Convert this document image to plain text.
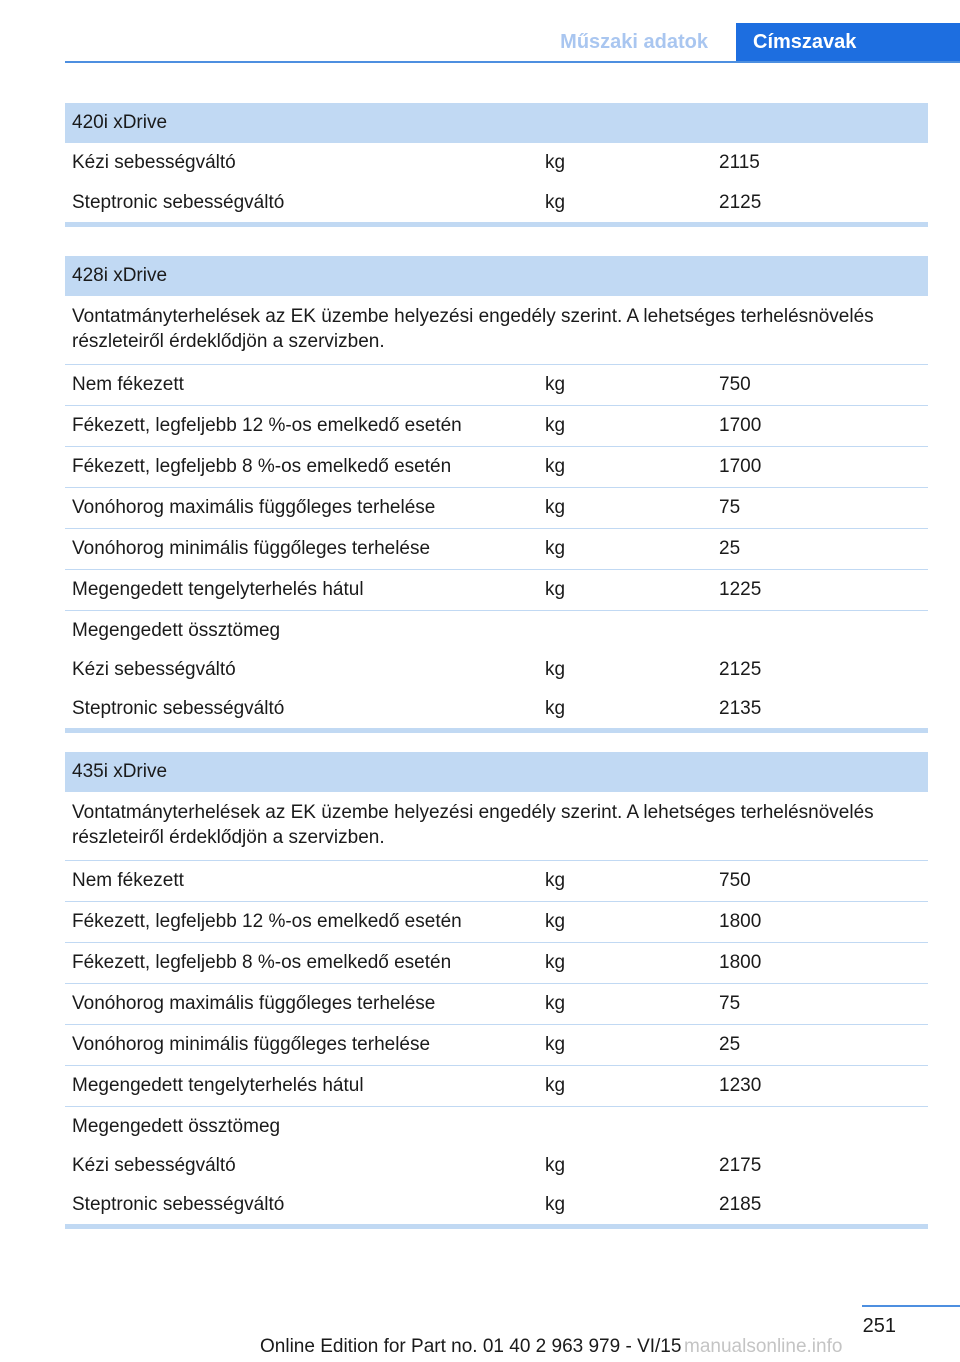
Műszaki adatok	Címszavak
420i xDrive
Kézi sebességváltó	kg	2115
Steptronic sebességváltó	kg	2125
428i xDrive
Vontatmányterhelések az EK üzembe helyezési engedély szerint. A lehetséges terhelésnövelés részleteiről érdeklődjön a szervizben.
Nem fékezett	kg	750
Fékezett, legfeljebb 12 %-os emelkedő esetén	kg	1700
Fékezett, legfeljebb 8 %-os emelkedő esetén	kg	1700
Vonóhorog maximális függőleges terhelése	kg	75
Vonóhorog minimális függőleges terhelése	kg	25
Megengedett tengelyterhelés hátul	kg	1225
Megengedett össztömeg
Kézi sebességváltó	kg	2125
Steptronic sebességváltó	kg	2135
435i xDrive
Vontatmányterhelések az EK üzembe helyezési engedély szerint. A lehetséges terhelésnövelés részleteiről érdeklődjön a szervizben.
Nem fékezett	kg	750
Fékezett, legfeljebb 12 %-os emelkedő esetén	kg	1800
Fékezett, legfeljebb 8 %-os emelkedő esetén	kg	1800
Vonóhorog maximális függőleges terhelése	kg	75
Vonóhorog minimális függőleges terhelése	kg	25
Megengedett tengelyterhelés hátul	kg	1230
Megengedett össztömeg
Kézi sebességváltó	kg	2175
Steptronic sebességváltó	kg	2185
251
Online Edition for Part no. 01 40 2 963 979 - VI/15 manualsonline.info
